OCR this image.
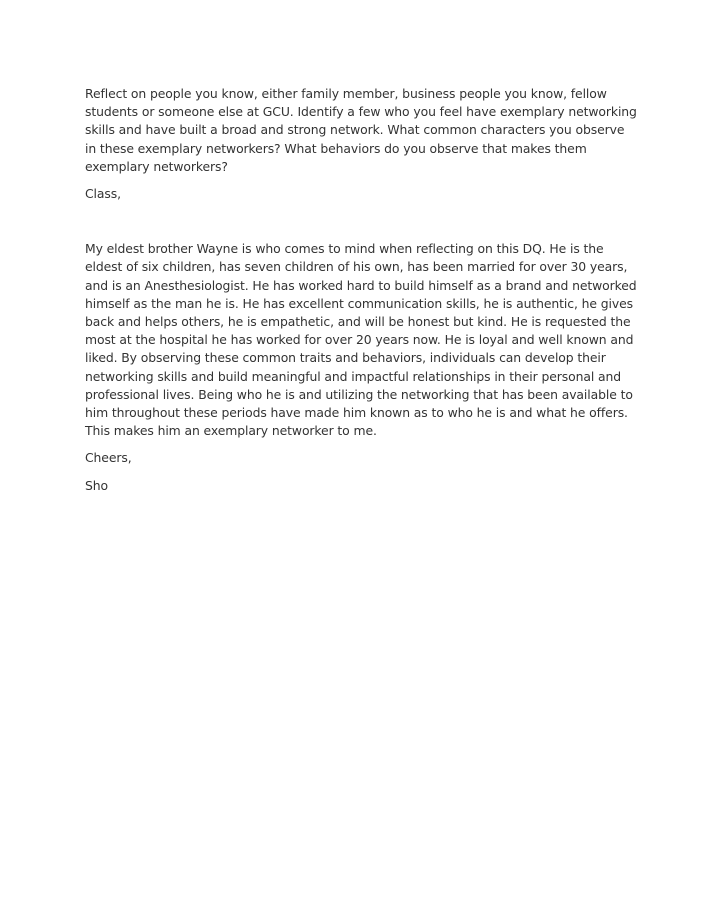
Reflect on people you know, either family member, business people you know, fellow students or someone else at GCU. Identify a few who you feel have exemplary networking skills and have built a broad and strong network. What common characters you observe in these exemplary networkers? What behaviors do you observe that makes them exemplary networkers?

Class,

My eldest brother Wayne is who comes to mind when reflecting on this DQ. He is the eldest of six children, has seven children of his own, has been married for over 30 years, and is an Anesthesiologist. He has worked hard to build himself as a brand and networked himself as the man he is. He has excellent communication skills, he is authentic, he gives back and helps others, he is empathetic, and will be honest but kind. He is requested the most at the hospital he has worked for over 20 years now. He is loyal and well known and liked. By observing these common traits and behaviors, individuals can develop their networking skills and build meaningful and impactful relationships in their personal and professional lives. Being who he is and utilizing the networking that has been available to him throughout these periods have made him known as to who he is and what he offers. This makes him an exemplary networker to me.

Cheers,

Sho
